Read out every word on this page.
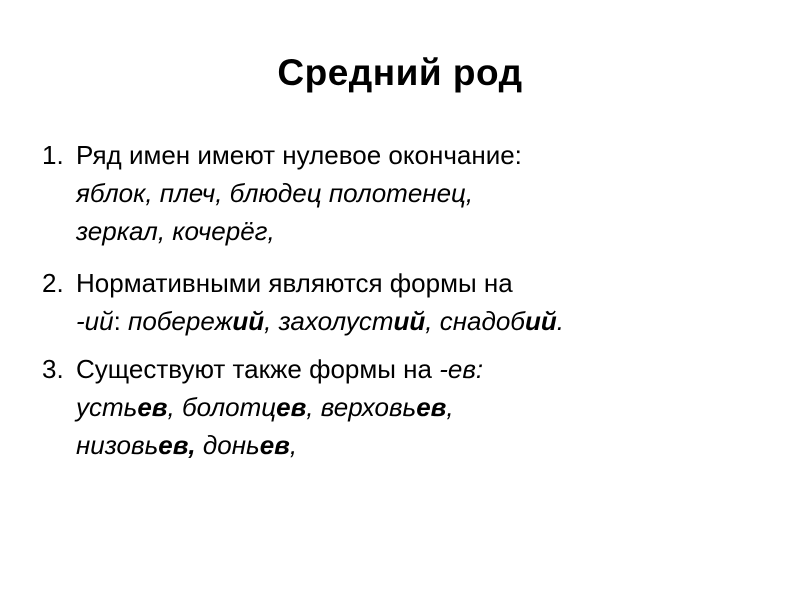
Средний род
1. Ряд имен имеют нулевое окончание:
яблок, плеч, блюдец полотенец,
зеркал, кочерёг,
2. Нормативными являются формы на
-ий: побережий, захолустий, снадобий.
3. Существуют также формы на -ев:
устьев, болотцев, верховьев,
низовьев, доньев,
